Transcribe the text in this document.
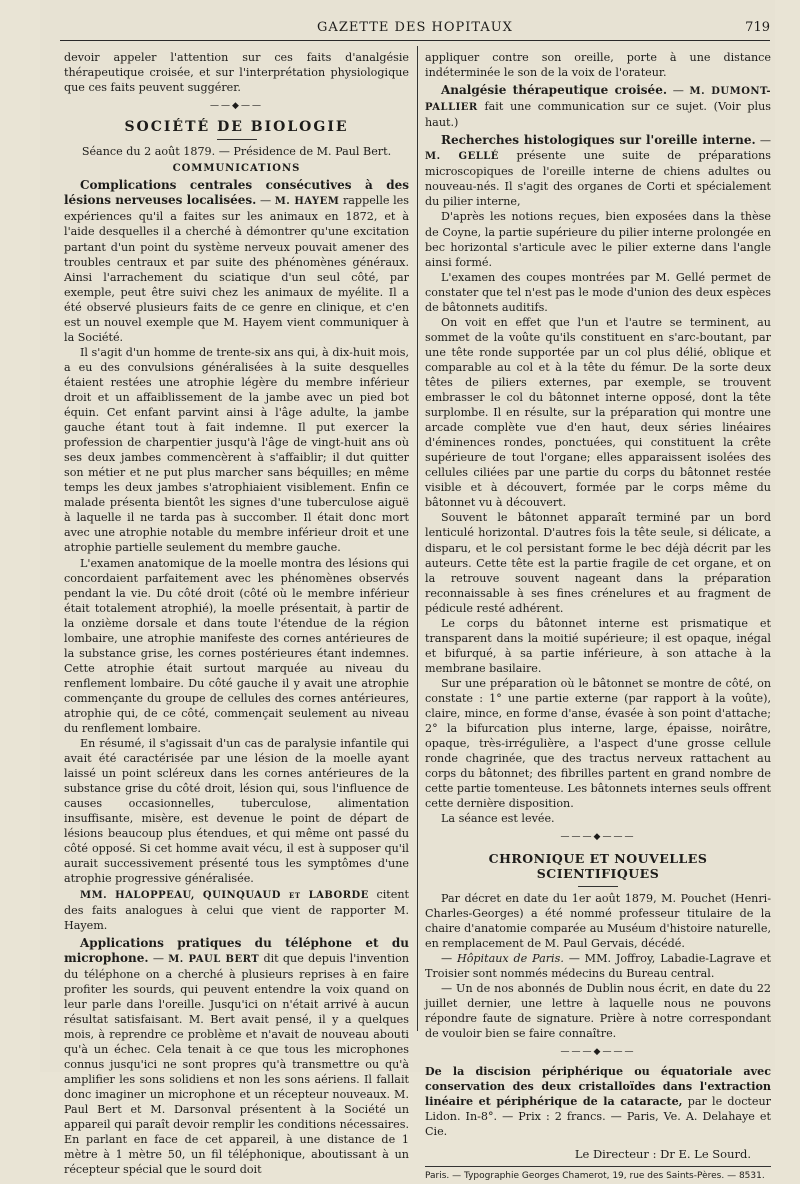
GAZETTE DES HOPITAUX	719

devoir appeler l'attention sur ces faits d'analgésie thérapeutique croisée, et sur l'interprétation physiologique que ces faits peuvent suggérer.

——◆——
SOCIÉTÉ DE BIOLOGIE

Séance du 2 août 1879. — Présidence de M. Paul Bert.

COMMUNICATIONS

Complications centrales consécutives à des lésions nerveuses localisées. — M. HAYEM rappelle les expériences qu'il a faites sur les animaux en 1872, et à l'aide desquelles il a cherché à démontrer qu'une excitation partant d'un point du système nerveux pouvait amener des troubles centraux et par suite des phénomènes généraux. Ainsi l'arrachement du sciatique d'un seul côté, par exemple, peut être suivi chez les animaux de myélite. Il a été observé plusieurs faits de ce genre en clinique, et c'en est un nouvel exemple que M. Hayem vient communiquer à la Société.

Il s'agit d'un homme de trente-six ans qui, à dix-huit mois, a eu des convulsions généralisées à la suite desquelles étaient restées une atrophie légère du membre inférieur droit et un affaiblissement de la jambe avec un pied bot équin. Cet enfant parvint ainsi à l'âge adulte, la jambe gauche étant tout à fait indemne. Il put exercer la profession de charpentier jusqu'à l'âge de vingt-huit ans où ses deux jambes commencèrent à s'affaiblir; il dut quitter son métier et ne put plus marcher sans béquilles; en même temps les deux jambes s'atrophiaient visiblement. Enfin ce malade présenta bientôt les signes d'une tuberculose aiguë à laquelle il ne tarda pas à succomber. Il était donc mort avec une atrophie notable du membre inférieur droit et une atrophie partielle seulement du membre gauche.

L'examen anatomique de la moelle montra des lésions qui concordaient parfaitement avec les phénomènes observés pendant la vie. Du côté droit (côté où le membre inférieur était totalement atrophié), la moelle présentait, à partir de la onzième dorsale et dans toute l'étendue de la région lombaire, une atrophie manifeste des cornes antérieures de la substance grise, les cornes postérieures étant indemnes. Cette atrophie était surtout marquée au niveau du renflement lombaire. Du côté gauche il y avait une atrophie commençante du groupe de cellules des cornes antérieures, atrophie qui, de ce côté, commençait seulement au niveau du renflement lombaire.

En résumé, il s'agissait d'un cas de paralysie infantile qui avait été caractérisée par une lésion de la moelle ayant laissé un point scléreux dans les cornes antérieures de la substance grise du côté droit, lésion qui, sous l'influence de causes occasionnelles, tuberculose, alimentation insuffisante, misère, est devenue le point de départ de lésions beaucoup plus étendues, et qui même ont passé du côté opposé. Si cet homme avait vécu, il est à supposer qu'il aurait successivement présenté tous les symptômes d'une atrophie progressive généralisée.

MM. HALOPPEAU, QUINQUAUD et LABORDE citent des faits analogues à celui que vient de rapporter M. Hayem.

Applications pratiques du téléphone et du microphone. — M. PAUL BERT dit que depuis l'invention du téléphone on a cherché à plusieurs reprises à en faire profiter les sourds, qui peuvent entendre la voix quand on leur parle dans l'oreille. Jusqu'ici on n'était arrivé à aucun résultat satisfaisant. M. Bert avait pensé, il y a quelques mois, à reprendre ce problème et n'avait de nouveau abouti qu'à un échec. Cela tenait à ce que tous les microphones connus jusqu'ici ne sont propres qu'à transmettre ou qu'à amplifier les sons solidiens et non les sons aériens. Il fallait donc imaginer un microphone et un récepteur nouveaux. M. Paul Bert et M. Darsonval présentent à la Société un appareil qui paraît devoir remplir les conditions nécessaires. En parlant en face de cet appareil, à une distance de 1 mètre à 1 mètre 50, un fil téléphonique, aboutissant à un récepteur spécial que le sourd doit

appliquer contre son oreille, porte à une distance indéterminée le son de la voix de l'orateur.

Analgésie thérapeutique croisée. — M. DUMONT-PALLIER fait une communication sur ce sujet. (Voir plus haut.)

Recherches histologiques sur l'oreille interne. — M. GELLÉ présente une suite de préparations microscopiques de l'oreille interne de chiens adultes ou nouveau-nés. Il s'agit des organes de Corti et spécialement du pilier interne,

D'après les notions reçues, bien exposées dans la thèse de Coyne, la partie supérieure du pilier interne prolongée en bec horizontal s'articule avec le pilier externe dans l'angle ainsi formé.

L'examen des coupes montrées par M. Gellé permet de constater que tel n'est pas le mode d'union des deux espèces de bâtonnets auditifs.

On voit en effet que l'un et l'autre se terminent, au sommet de la voûte qu'ils constituent en s'arc-boutant, par une tête ronde supportée par un col plus délié, oblique et comparable au col et à la tête du fémur. De la sorte deux têtes de piliers externes, par exemple, se trouvent embrasser le col du bâtonnet interne opposé, dont la tête surplombe. Il en résulte, sur la préparation qui montre une arcade complète vue d'en haut, deux séries linéaires d'éminences rondes, ponctuées, qui constituent la crête supérieure de tout l'organe; elles apparaissent isolées des cellules ciliées par une partie du corps du bâtonnet restée visible et à découvert, formée par le corps même du bâtonnet vu à découvert.

Souvent le bâtonnet apparaît terminé par un bord lenticulé horizontal. D'autres fois la tête seule, si délicate, a disparu, et le col persistant forme le bec déjà décrit par les auteurs. Cette tête est la partie fragile de cet organe, et on la retrouve souvent nageant dans la préparation reconnaissable à ses fines crénelures et au fragment de pédicule resté adhérent.

Le corps du bâtonnet interne est prismatique et transparent dans la moitié supérieure; il est opaque, inégal et bifurqué, à sa partie inférieure, à son attache à la membrane basilaire.

Sur une préparation où le bâtonnet se montre de côté, on constate : 1° une partie externe (par rapport à la voûte), claire, mince, en forme d'anse, évasée à son point d'attache; 2° la bifurcation plus interne, large, épaisse, noirâtre, opaque, très-irrégulière, a l'aspect d'une grosse cellule ronde chagrinée, que des tractus nerveux rattachent au corps du bâtonnet; des fibrilles partent en grand nombre de cette partie tomenteuse. Les bâtonnets internes seuls offrent cette dernière disposition.

La séance est levée.

———◆———
CHRONIQUE ET NOUVELLES SCIENTIFIQUES

Par décret en date du 1er août 1879, M. Pouchet (Henri-Charles-Georges) a été nommé professeur titulaire de la chaire d'anatomie comparée au Muséum d'histoire naturelle, en remplacement de M. Paul Gervais, décédé.

— Hôpitaux de Paris. — MM. Joffroy, Labadie-Lagrave et Troisier sont nommés médecins du Bureau central.

— Un de nos abonnés de Dublin nous écrit, en date du 22 juillet dernier, une lettre à laquelle nous ne pouvons répondre faute de signature. Prière à notre correspondant de vouloir bien se faire connaître.

———◆———

De la discision périphérique ou équatoriale avec conservation des deux cristalloïdes dans l'extraction linéaire et périphérique de la cataracte, par le docteur Lidon. In-8°. — Prix : 2 francs. — Paris, Ve. A. Delahaye et Cie.

Le Directeur : Dr E. Le Sourd.
Paris. — Typographie Georges Chamerot, 19, rue des Saints-Pères. — 8531.
